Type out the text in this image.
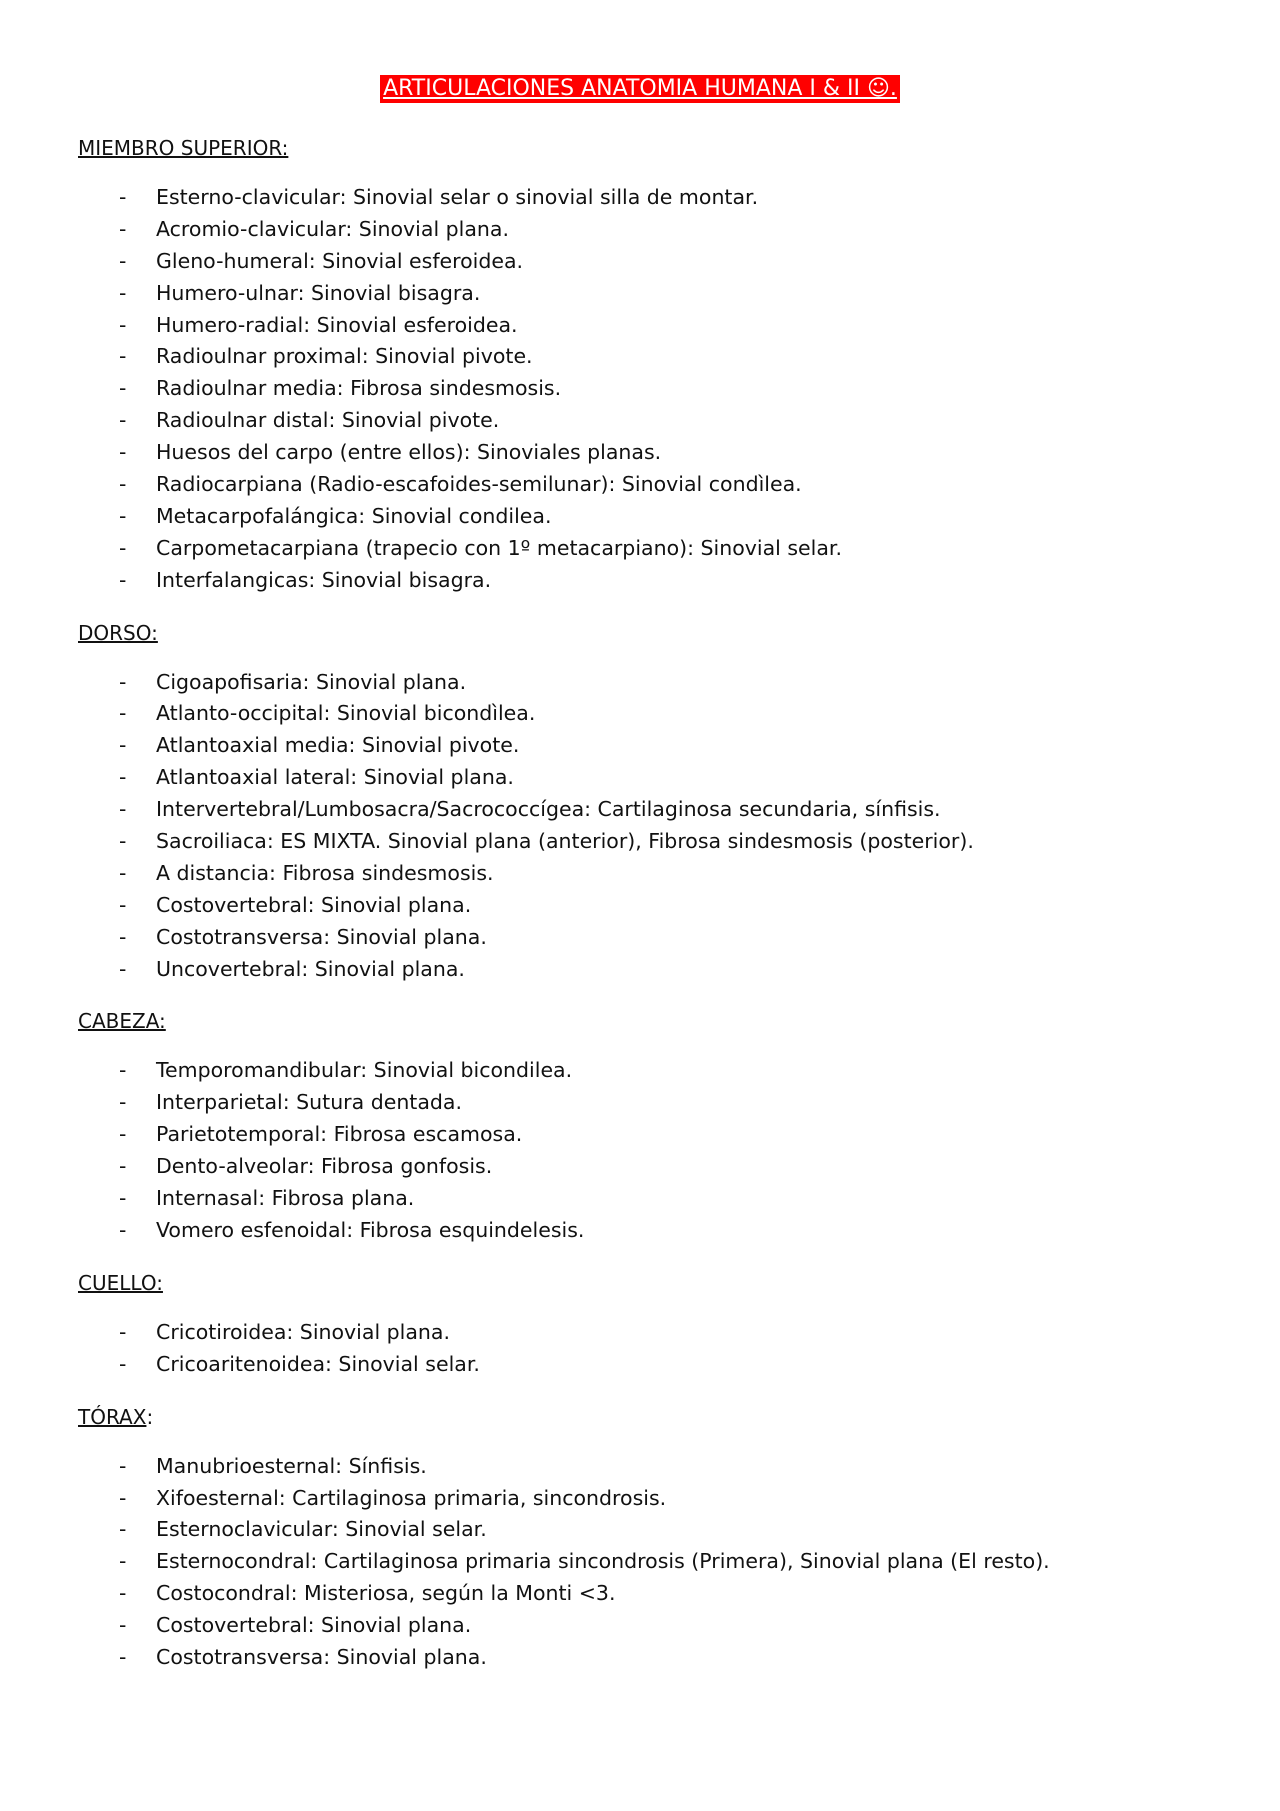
ARTICULACIONES ANATOMIA HUMANA I & II ☺.
MIEMBRO SUPERIOR:
- Esterno-clavicular: Sinovial selar o sinovial silla de montar.
- Acromio-clavicular: Sinovial plana.
- Gleno-humeral: Sinovial esferoidea.
- Humero-ulnar: Sinovial bisagra.
- Humero-radial: Sinovial esferoidea.
- Radioulnar proximal: Sinovial pivote.
- Radioulnar media: Fibrosa sindesmosis.
- Radioulnar distal: Sinovial pivote.
- Huesos del carpo (entre ellos): Sinoviales planas.
- Radiocarpiana (Radio-escafoides-semilunar): Sinovial condìlea.
- Metacarpofalángica: Sinovial condilea.
- Carpometacarpiana (trapecio con 1º metacarpiano): Sinovial selar.
- Interfalangicas: Sinovial bisagra.
DORSO:
- Cigoapofisaria: Sinovial plana.
- Atlanto-occipital: Sinovial bicondìlea.
- Atlantoaxial media: Sinovial pivote.
- Atlantoaxial lateral: Sinovial plana.
- Intervertebral/Lumbosacra/Sacrococcígea: Cartilaginosa secundaria, sínfisis.
- Sacroiliaca: ES MIXTA. Sinovial plana (anterior), Fibrosa sindesmosis (posterior).
- A distancia: Fibrosa sindesmosis.
- Costovertebral: Sinovial plana.
- Costotransversa: Sinovial plana.
- Uncovertebral: Sinovial plana.
CABEZA:
- Temporomandibular: Sinovial bicondilea.
- Interparietal: Sutura dentada.
- Parietotemporal: Fibrosa escamosa.
- Dento-alveolar: Fibrosa gonfosis.
- Internasal: Fibrosa plana.
- Vomero esfenoidal: Fibrosa esquindelesis.
CUELLO:
- Cricotiroidea: Sinovial plana.
- Cricoaritenoidea: Sinovial selar.
TÓRAX:
- Manubrioesternal: Sínfisis.
- Xifoesternal: Cartilaginosa primaria, sincondrosis.
- Esternoclavicular: Sinovial selar.
- Esternocondral: Cartilaginosa primaria sincondrosis (Primera), Sinovial plana (El resto).
- Costocondral: Misteriosa, según la Monti <3.
- Costovertebral: Sinovial plana.
- Costotransversa: Sinovial plana.
